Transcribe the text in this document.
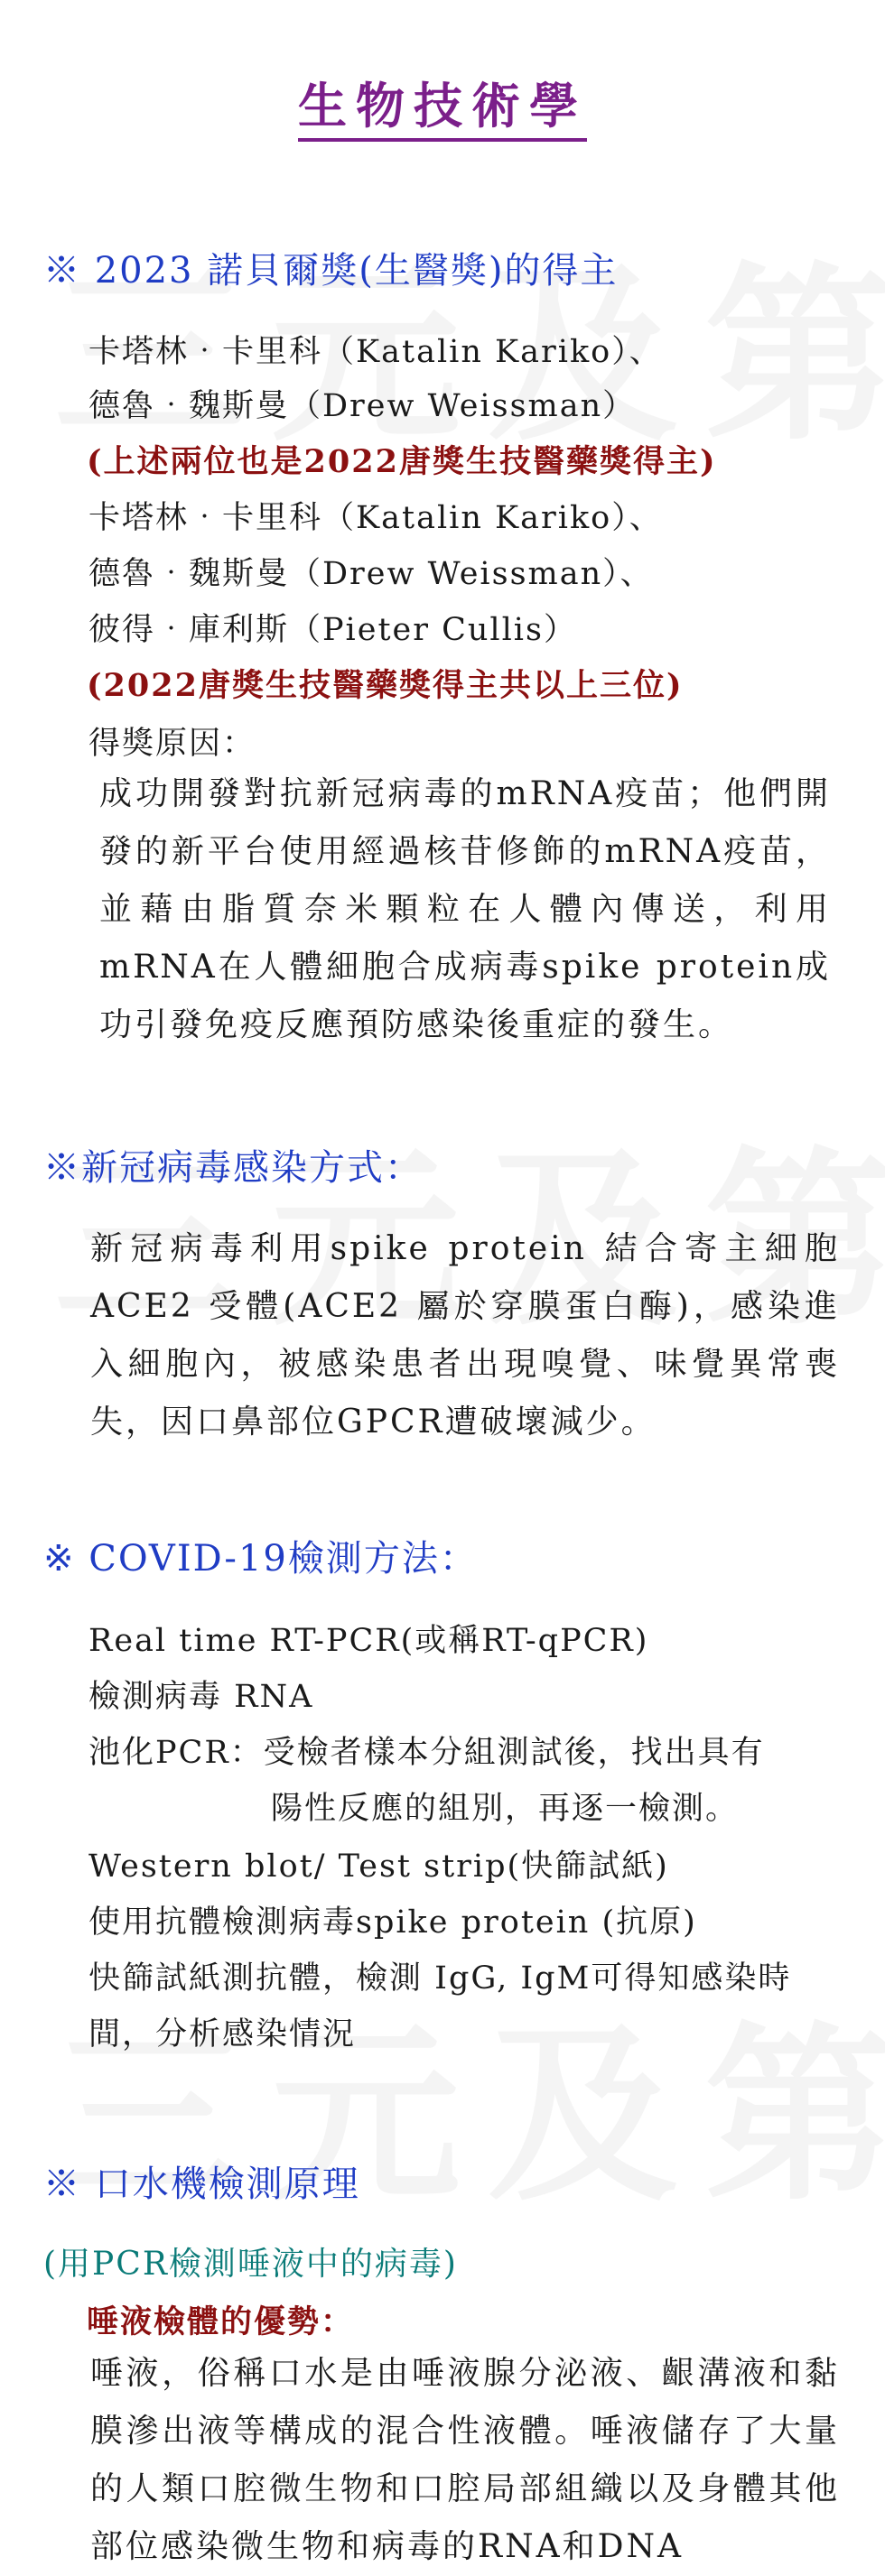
生物技術學
※ 2023 諾貝爾獎(生醫獎)的得主
卡塔林‧卡里科（Katalin Kariko）、
德魯‧魏斯曼（Drew Weissman）
(上述兩位也是2022唐獎生技醫藥獎得主)
卡塔林‧卡里科（Katalin Kariko）、
德魯‧魏斯曼（Drew Weissman）、
彼得‧庫利斯（Pieter Cullis）
(2022唐獎生技醫藥獎得主共以上三位)
得獎原因：
成功開發對抗新冠病毒的mRNA疫苗；他們開發的新平台使用經過核苷修飾的mRNA疫苗，並藉由脂質奈米顆粒在人體內傳送，利用mRNA在人體細胞合成病毒spike protein成功引發免疫反應預防感染後重症的發生。
※新冠病毒感染方式：
新冠病毒利用spike protein 結合寄主細胞ACE2 受體(ACE2 屬於穿膜蛋白酶)，感染進入細胞內，被感染患者出現嗅覺、味覺異常喪失，因口鼻部位GPCR遭破壞減少。
※ COVID-19檢測方法：
Real time RT-PCR(或稱RT-qPCR)
檢測病毒 RNA
池化PCR：受檢者樣本分組測試後，找出具有
陽性反應的組別，再逐一檢測。
Western blot/ Test strip(快篩試紙)
使用抗體檢測病毒spike protein (抗原)
快篩試紙測抗體，檢測 IgG, IgM可得知感染時
間，分析感染情況
※ 口水機檢測原理
(用PCR檢測唾液中的病毒)
唾液檢體的優勢：
唾液，俗稱口水是由唾液腺分泌液、齦溝液和黏膜滲出液等構成的混合性液體。唾液儲存了大量的人類口腔微生物和口腔局部組織以及身體其他部位感染微生物和病毒的RNA和DNA
